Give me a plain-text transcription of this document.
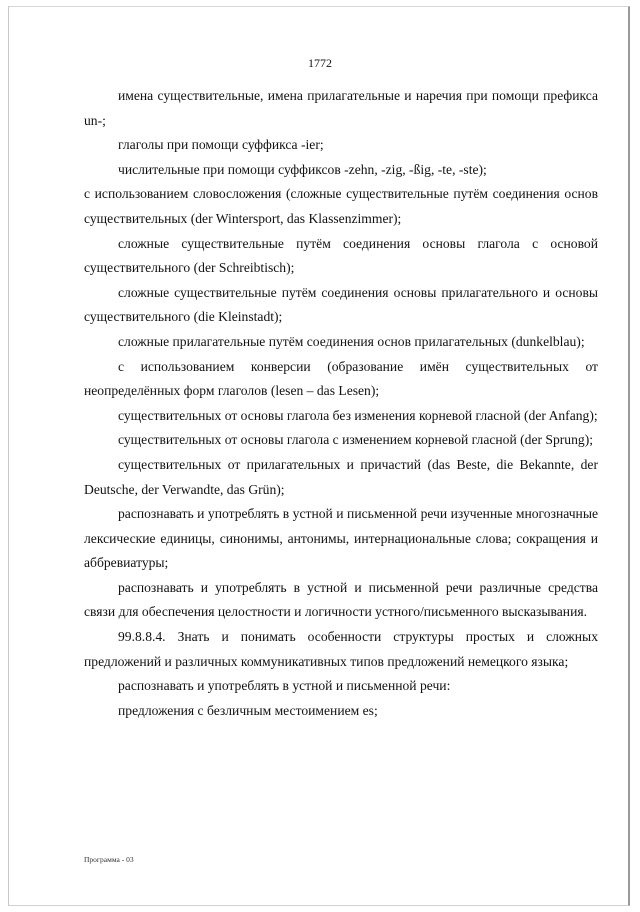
1772

имена существительные, имена прилагательные и наречия при помощи префикса un-;

глаголы при помощи суффикса -ier;

числительные при помощи суффиксов -zehn, -zig, -ßig, -te, -ste);

с использованием словосложения (сложные существительные путём соединения основ существительных (der Wintersport, das Klassenzimmer);

сложные существительные путём соединения основы глагола с основой существительного (der Schreibtisch);

сложные существительные путём соединения основы прилагательного и основы существительного (die Kleinstadt);

сложные прилагательные путём соединения основ прилагательных (dunkelblau);

с использованием конверсии (образование имён существительных от неопределённых форм глаголов (lesen – das Lesen);

существительных от основы глагола без изменения корневой гласной (der Anfang);

существительных от основы глагола с изменением корневой гласной (der Sprung);

существительных от прилагательных и причастий (das Beste, die Bekannte, der Deutsche, der Verwandte, das Grün);

распознавать и употреблять в устной и письменной речи изученные многозначные лексические единицы, синонимы, антонимы, интернациональные слова; сокращения и аббревиатуры;

распознавать и употреблять в устной и письменной речи различные средства связи для обеспечения целостности и логичности устного/письменного высказывания.

99.8.8.4. Знать и понимать особенности структуры простых и сложных предложений и различных коммуникативных типов предложений немецкого языка;

распознавать и употреблять в устной и письменной речи:

предложения с безличным местоимением es;

Программа - 03
